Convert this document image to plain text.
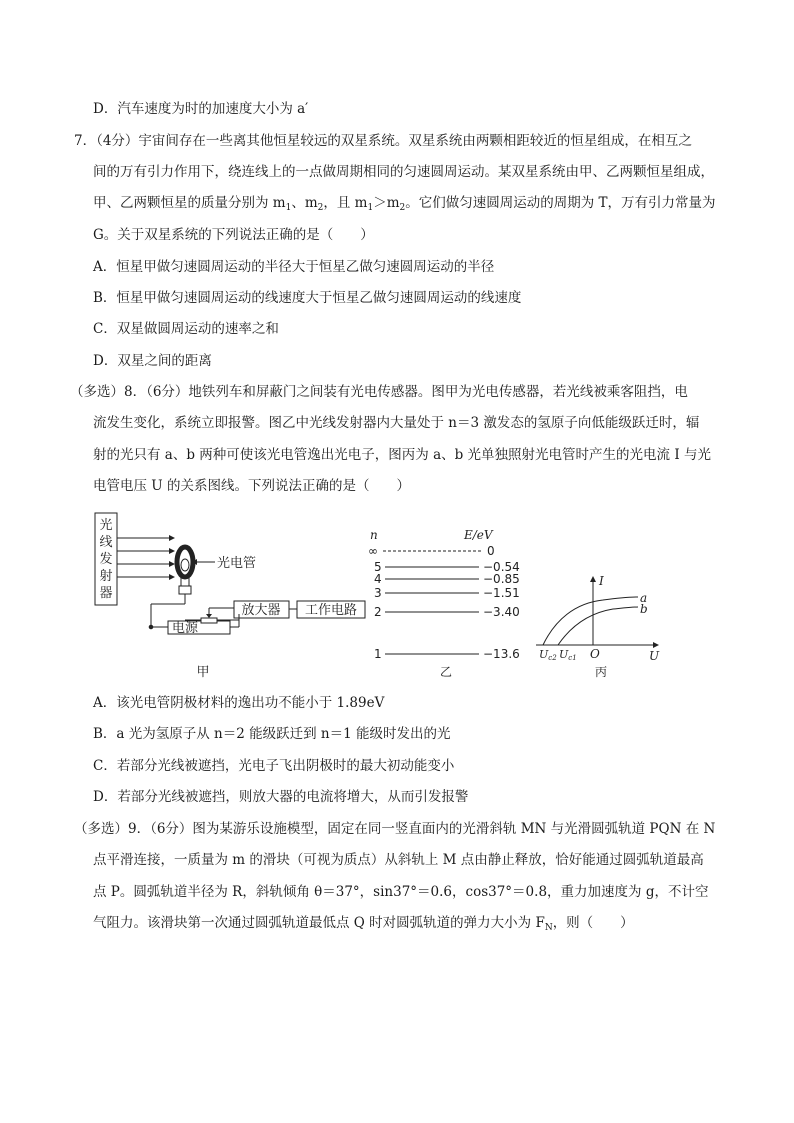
D．汽车速度为时的加速度大小为 a′
7．（4分）宇宙间存在一些离其他恒星较远的双星系统。双星系统由两颗相距较近的恒星组成，在相互之
间的万有引力作用下，绕连线上的一点做周期相同的匀速圆周运动。某双星系统由甲、乙两颗恒星组成，
甲、乙两颗恒星的质量分别为 $m_1$、$m_2$，且 $m_1>m_2$。它们做匀速圆周运动的周期为 T，万有引力常量为
G。关于双星系统的下列说法正确的是（　　）
A．恒星甲做匀速圆周运动的半径大于恒星乙做匀速圆周运动的半径
B．恒星甲做匀速圆周运动的线速度大于恒星乙做匀速圆周运动的线速度
C．双星做圆周运动的速率之和
D．双星之间的距离
（多选）8．（6分）地铁列车和屏蔽门之间装有光电传感器。图甲为光电传感器，若光线被乘客阻挡，电
流发生变化，系统立即报警。图乙中光线发射器内大量处于 n＝3 激发态的氢原子向低能级跃迁时，辐
射的光只有 a、b 两种可使该光电管逸出光电子，图丙为 a、b 光单独照射光电管时产生的光电流 I 与光
电管电压 U 的关系图线。下列说法正确的是（　　）
光
线
发
射
器
光电管
放大器 工作电路
电源
甲
n	E/eV
∞	0
5	−0.54
4	−0.85
3	−1.51
2	−3.40
1	−13.6
乙
I
U
O
a
b
Uc2 Uc1
丙
A．该光电管阴极材料的逸出功不能小于 1.89eV
B．a 光为氢原子从 n＝2 能级跃迁到 n＝1 能级时发出的光
C．若部分光线被遮挡，光电子飞出阴极时的最大初动能变小
D．若部分光线被遮挡，则放大器的电流将增大，从而引发报警
（多选）9．（6分）图为某游乐设施模型，固定在同一竖直面内的光滑斜轨 MN 与光滑圆弧轨道 PQN 在 N
点平滑连接，一质量为 m 的滑块（可视为质点）从斜轨上 M 点由静止释放，恰好能通过圆弧轨道最高
点 P。圆弧轨道半径为 R，斜轨倾角 θ＝37°，sin37°＝0.6，cos37°＝0.8，重力加速度为 g，不计空
气阻力。该滑块第一次通过圆弧轨道最低点 Q 时对圆弧轨道的弹力大小为 $F_N$，则（　　）
